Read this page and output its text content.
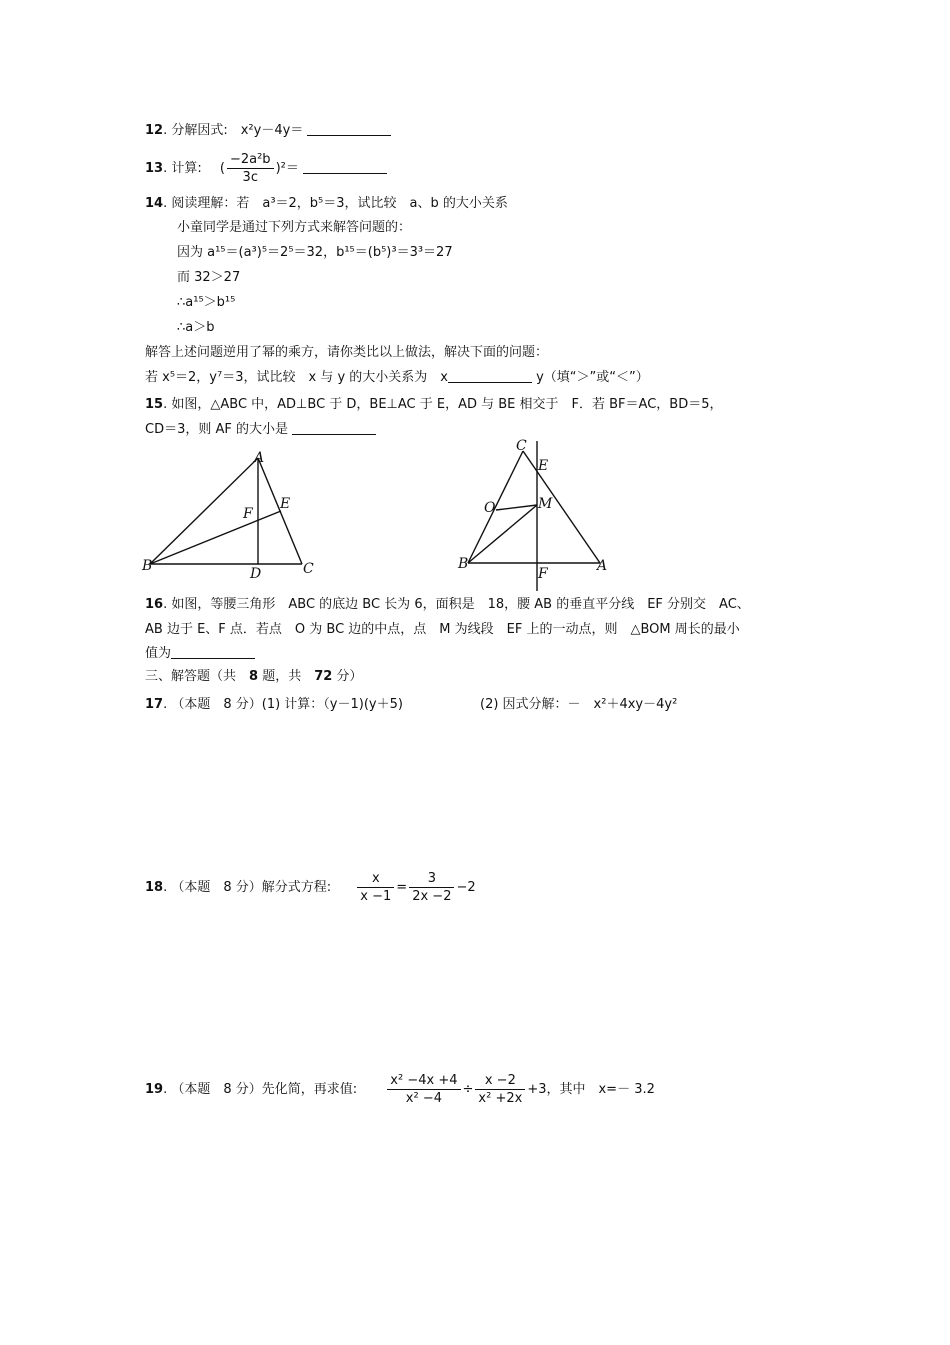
12. 分解因式:　x²y－4y＝
13. 计算: ( $\frac{\text{−2a²b}}{3c} )^2=$
14. 阅读理解：若　a³＝2，b⁵＝3，试比较　a、b 的大小关系
小童同学是通过下列方式来解答问题的：
因为 a¹⁵＝(a³)⁵＝2⁵＝32，b¹⁵＝(b⁵)³＝3³＝27
而 32＞27
∴a¹⁵＞b¹⁵
∴a＞b
解答上述问题逆用了幂的乘方，请你类比以上做法，解决下面的问题：
若 x⁵＝2，y⁷＝3，试比较　x 与 y 的大小关系为　x	y（填“＞”或“＜”）
15. 如图，△ABC 中，AD⊥BC 于 D，BE⊥AC 于 E，AD 与 BE 相交于　F．若 BF＝AC，BD＝5，
CD＝3，则 AF 的大小是
A
B	C
D
E
F
C
E
O	M
B	A
F
16. 如图，等腰三角形　ABC 的底边 BC 长为 6，面积是　18，腰 AB 的垂直平分线　EF 分别交　AC、
AB 边于 E、F 点．若点　O 为 BC 边的中点，点　M 为线段　EF 上的一动点，则　△BOM 周长的最小
值为
三、解答题（共　8 题，共　72 分）
17. （本题　8 分）(1) 计算：（y－1)(y＋5)	(2) 因式分解：－　x²＋4xy－4y²
18. （本题　8 分）解分式方程: $\frac{x}{x -1} = \frac{3}{2x -2} -2$
19. （本题　8 分）先化简，再求值: $\frac{\text{x² −4x +4}}{\text{x² −4}} \div \frac{x -2}{\text{x² +2x}} +3$，其中　x=－ 3.2
